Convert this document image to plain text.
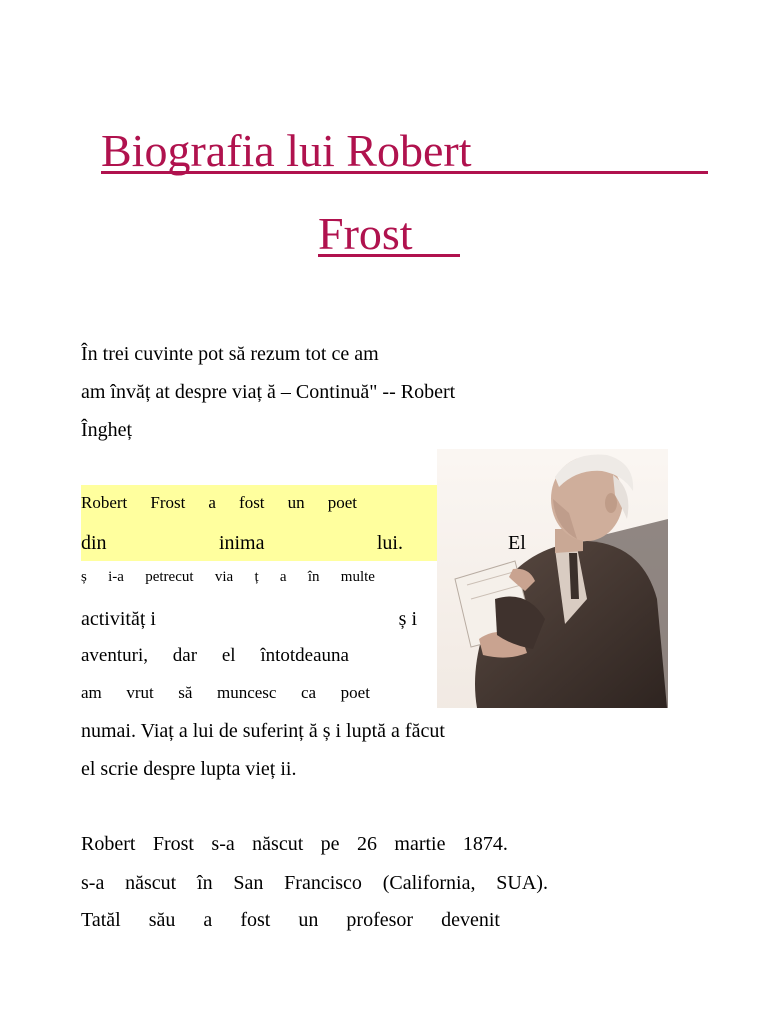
Biografia lui Robert
Frost
În trei cuvinte pot să rezum tot ce am
am învăț at despre viaț ă – Continuă" -- Robert
Îngheț
Robert Frost a fost un poet
din	inima	lui.	El
ș i-a petrecut via ț a în multe
activităț i	ș i
aventuri, dar el întotdeauna
am vrut să muncesc ca poet
numai. Viaț a lui de suferinț ă ș i luptă a făcut
el scrie despre lupta vieț ii.
Robert Frost s-a născut pe 26 martie 1874.
s-a născut în San Francisco (California, SUA).
Tatăl său a fost un profesor devenit
